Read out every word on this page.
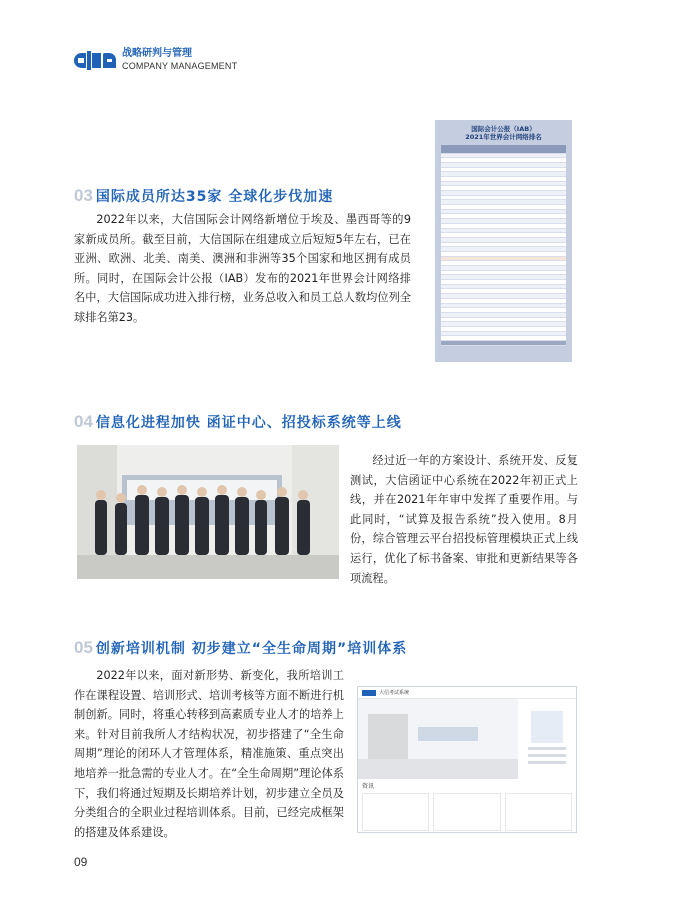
战略研判与管理
COMPANY MANAGEMENT
03 国际成员所达35家 全球化步伐加速
2022年以来，大信国际会计网络新增位于埃及、墨西哥等的9家新成员所。截至目前，大信国际在组建成立后短短5年左右，已在亚洲、欧洲、北美、南美、澳洲和非洲等35个国家和地区拥有成员所。同时，在国际会计公报（IAB）发布的2021年世界会计网络排名中，大信国际成功进入排行榜，业务总收入和员工总人数均位列全球排名第23。
国际会计公报（IAB）
2021年世界会计网络排名

04 信息化进程加快 函证中心、招投标系统等上线
经过近一年的方案设计、系统开发、反复测试，大信函证中心系统在2022年初正式上线，并在2021年年审中发挥了重要作用。与此同时，“试算及报告系统”投入使用。8月份，综合管理云平台招投标管理模块正式上线运行，优化了标书备案、审批和更新结果等各项流程。
05 创新培训机制 初步建立“全生命周期”培训体系
2022年以来，面对新形势、新变化，我所培训工作在课程设置、培训形式、培训考核等方面不断进行机制创新。同时，将重心转移到高素质专业人才的培养上来。针对目前我所人才结构状况，初步搭建了“全生命周期”理论的闭环人才管理体系，精准施策、重点突出地培养一批急需的专业人才。在“全生命周期”理论体系下，我们将通过短期及长期培养计划，初步建立全员及分类组合的全职业过程培训体系。目前，已经完成框架的搭建及体系建设。
大信考试系统
资讯
09
